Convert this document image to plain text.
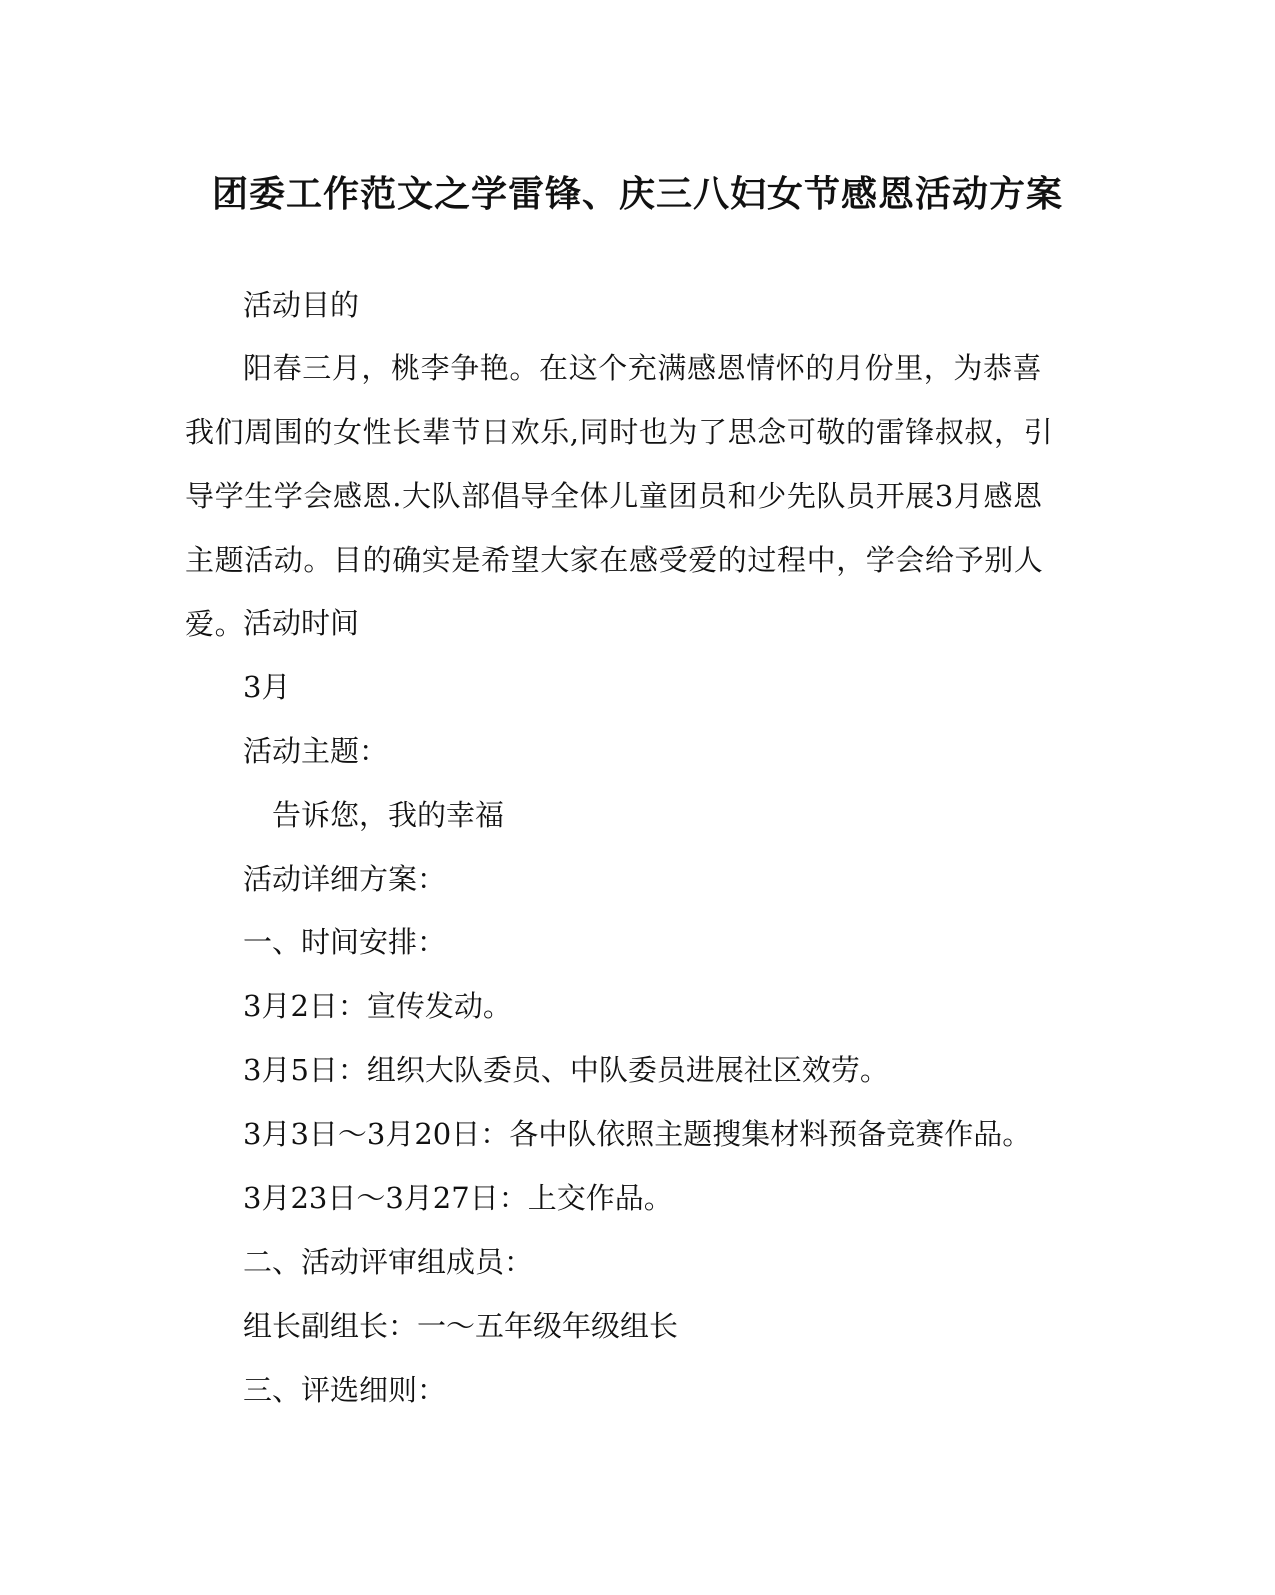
团委工作范文之学雷锋、庆三八妇女节感恩活动方案

活动目的

阳春三月，桃李争艳。在这个充满感恩情怀的月份里，为恭喜我们周围的女性长辈节日欢乐,同时也为了思念可敬的雷锋叔叔，引导学生学会感恩.大队部倡导全体儿童团员和少先队员开展3月感恩主题活动。目的确实是希望大家在感受爱的过程中，学会给予别人爱。

活动时间

3月

活动主题：

告诉您，我的幸福

活动详细方案：

一、时间安排：

3月2日：宣传发动。

3月5日：组织大队委员、中队委员进展社区效劳。

3月3日～3月20日：各中队依照主题搜集材料预备竞赛作品。

3月23日～3月27日：上交作品。

二、活动评审组成员：

组长副组长：一～五年级年级组长

三、评选细则：
